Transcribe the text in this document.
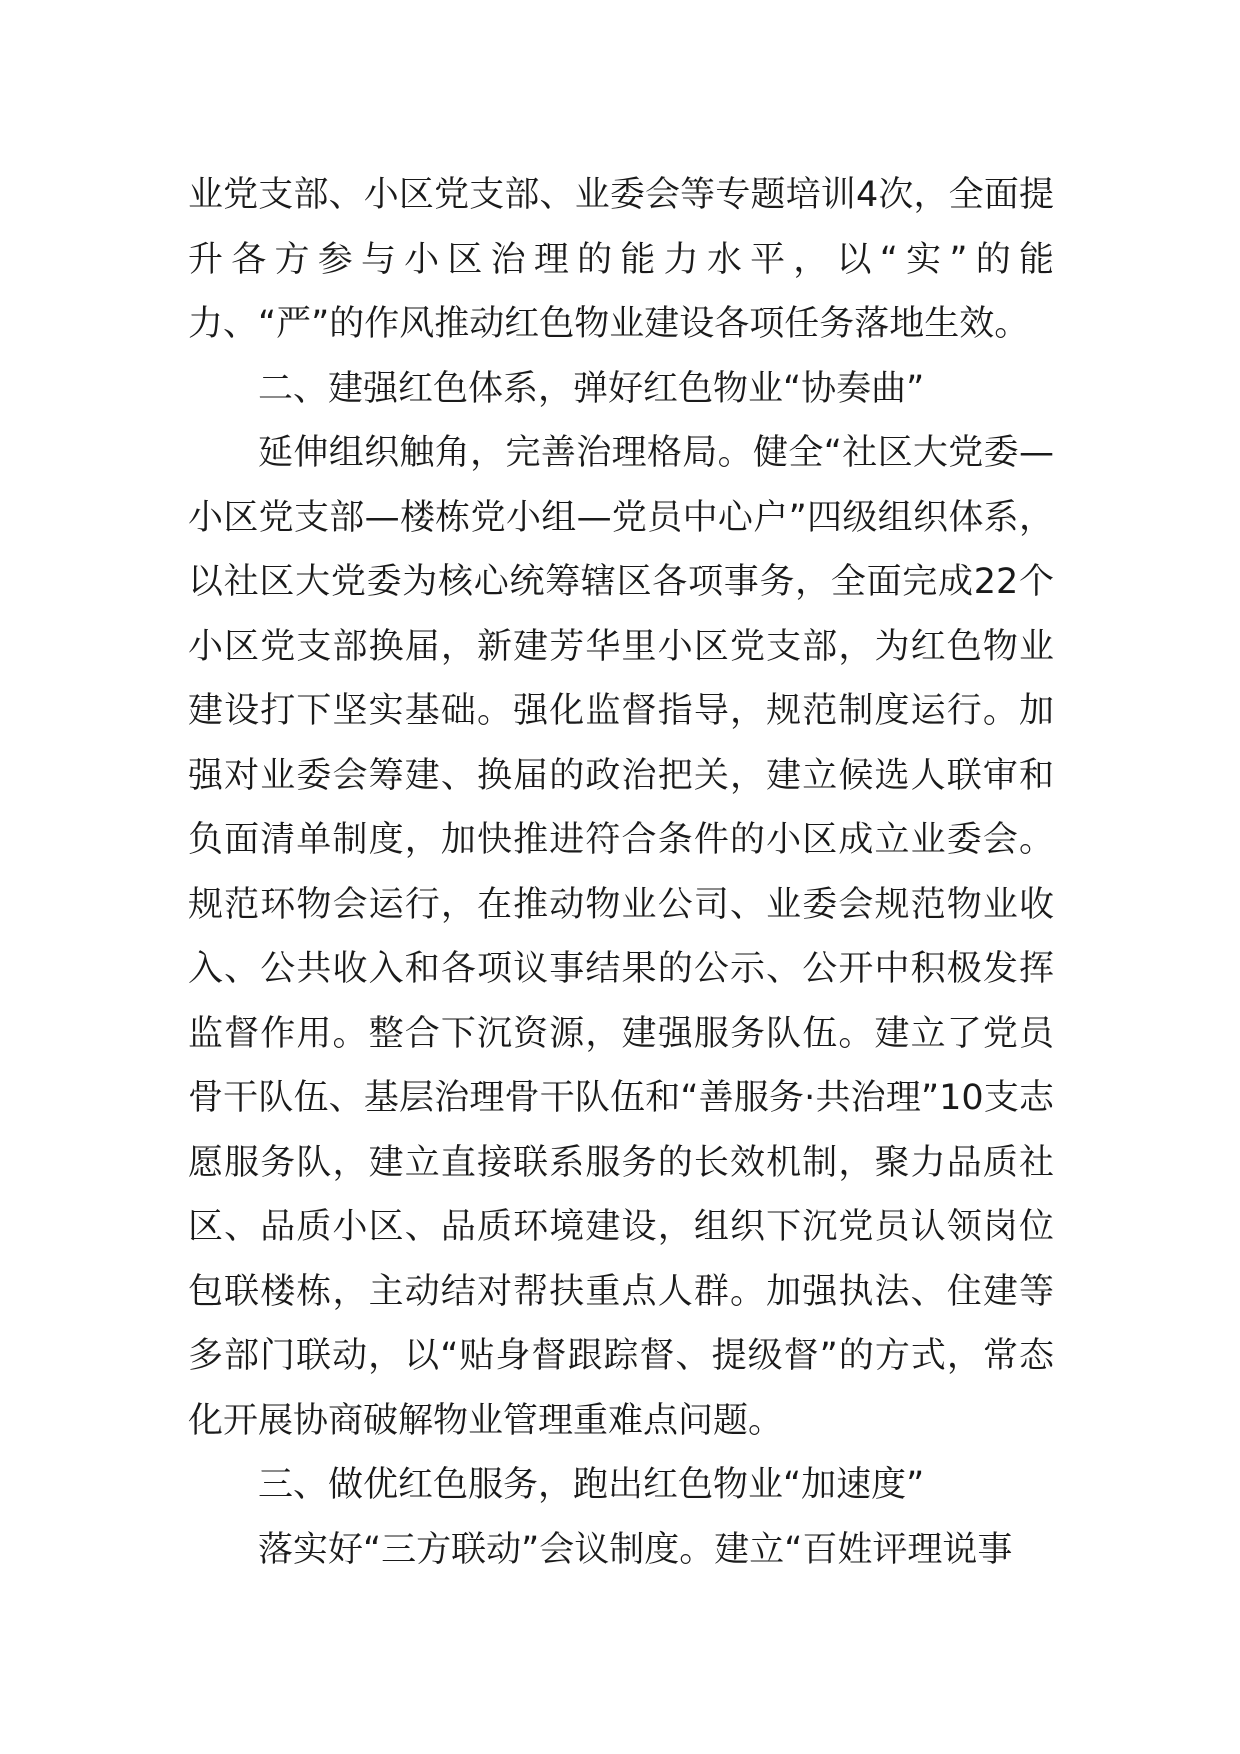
业党支部、小区党支部、业委会等专题培训4次，全面提升各方参与小区治理的能力水平，以“实”的能力、“严”的作风推动红色物业建设各项任务落地生效。

二、建强红色体系，弹好红色物业“协奏曲”

延伸组织触角，完善治理格局。健全“社区大党委—小区党支部—楼栋党小组—党员中心户”四级组织体系，以社区大党委为核心统筹辖区各项事务，全面完成22个小区党支部换届，新建芳华里小区党支部，为红色物业建设打下坚实基础。强化监督指导，规范制度运行。加强对业委会筹建、换届的政治把关，建立候选人联审和负面清单制度，加快推进符合条件的小区成立业委会。规范环物会运行，在推动物业公司、业委会规范物业收入、公共收入和各项议事结果的公示、公开中积极发挥监督作用。整合下沉资源，建强服务队伍。建立了党员骨干队伍、基层治理骨干队伍和“善服务·共治理”10支志愿服务队，建立直接联系服务的长效机制，聚力品质社区、品质小区、品质环境建设，组织下沉党员认领岗位包联楼栋，主动结对帮扶重点人群。加强执法、住建等多部门联动，以“贴身督跟踪督、提级督”的方式，常态化开展协商破解物业管理重难点问题。

三、做优红色服务，跑出红色物业“加速度”

落实好“三方联动”会议制度。建立“百姓评理说事
